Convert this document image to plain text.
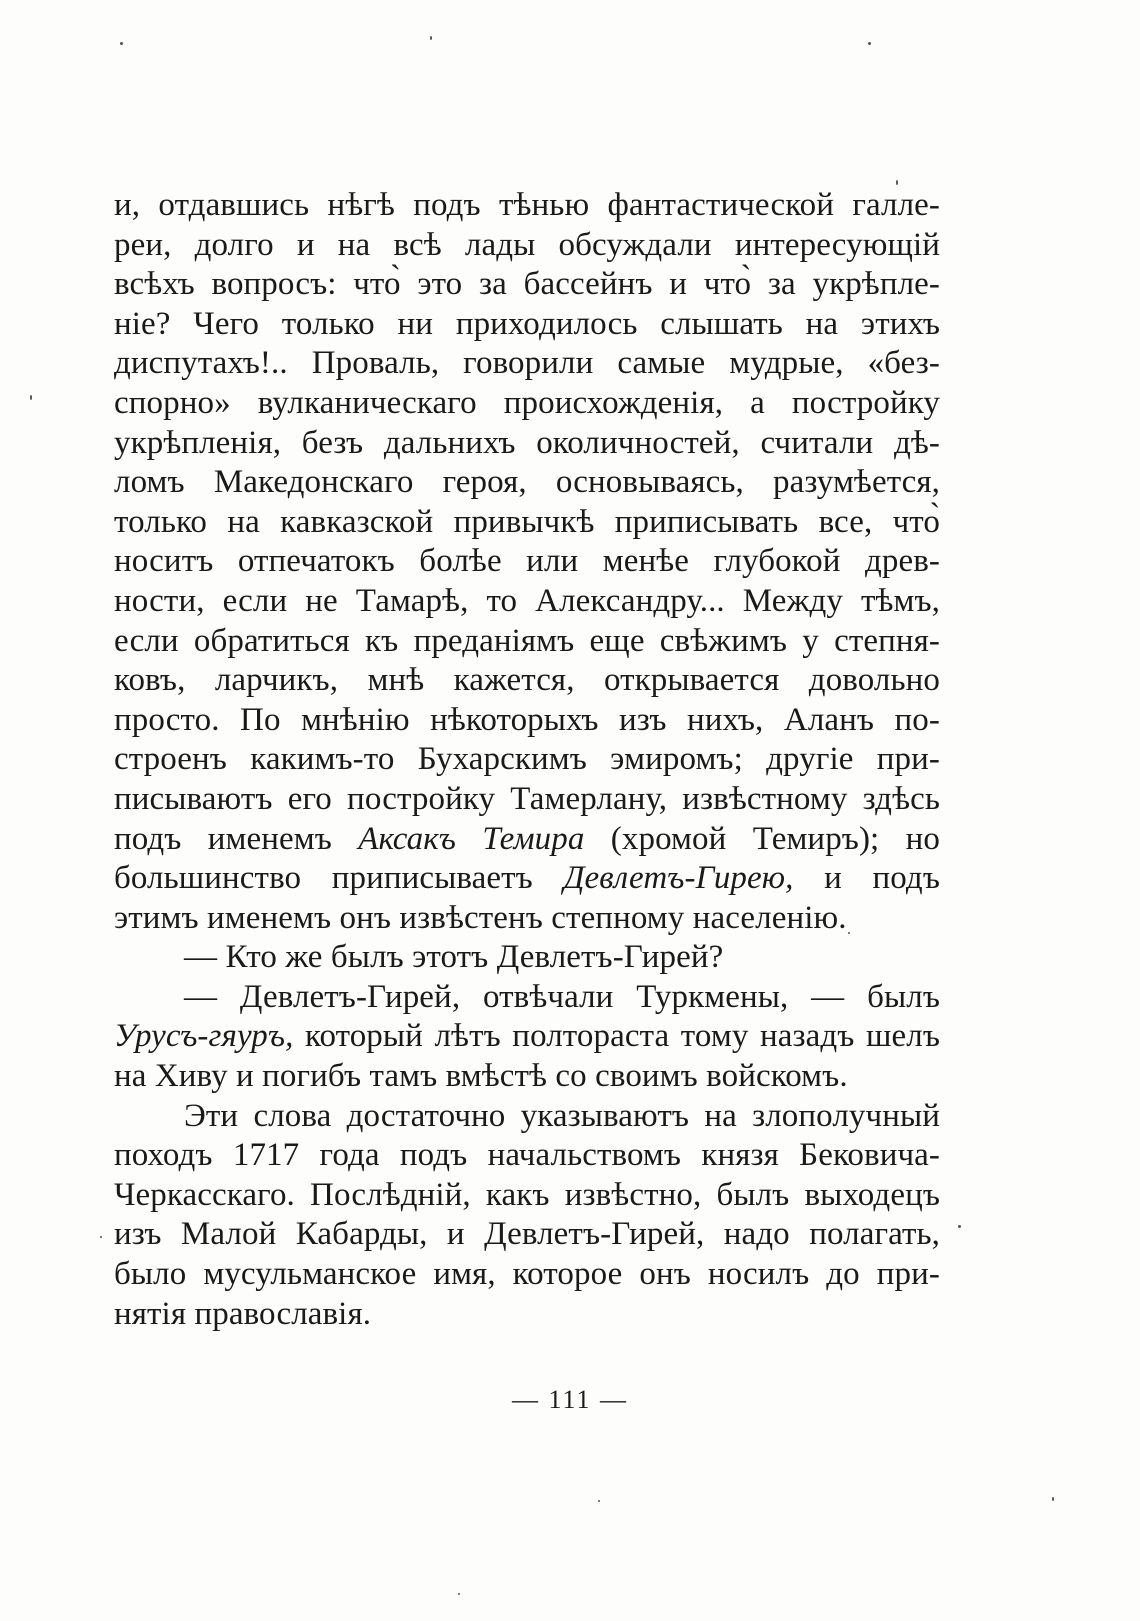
и, отдавшись нѣгѣ подъ тѣнью фантастической галле-
реи, долго и на всѣ лады обсуждали интересующій
всѣхъ вопросъ: что̀ это за бассейнъ и что̀ за укрѣпле-
ніе? Чего только ни приходилось слышать на этихъ
диспутахъ!.. Проваль, говорили самые мудрые, «без-
спорно» вулканическаго происхожденія, а постройку
укрѣпленія, безъ дальнихъ околичностей, считали дѣ-
ломъ Македонскаго героя, основываясь, разумѣется,
только на кавказской привычкѣ приписывать все, что̀
носитъ отпечатокъ болѣе или менѣе глубокой древ-
ности, если не Тамарѣ, то Александру... Между тѣмъ,
если обратиться къ преданіямъ еще свѣжимъ у степня-
ковъ, ларчикъ, мнѣ кажется, открывается довольно
просто. По мнѣнію нѣкоторыхъ изъ нихъ, Аланъ по-
строенъ какимъ-то Бухарскимъ эмиромъ; другіе при-
писываютъ его постройку Тамерлану, извѣстному здѣсь
подъ именемъ Аксакъ Темира (хромой Темиръ); но
большинство приписываетъ Девлетъ-Гирею, и подъ
этимъ именемъ онъ извѣстенъ степному населенію.
— Кто же былъ этотъ Девлетъ-Гирей?
— Девлетъ-Гирей, отвѣчали Туркмены, — былъ
Урусъ-гяуръ, который лѣтъ полтораста тому назадъ шелъ
на Хиву и погибъ тамъ вмѣстѣ со своимъ войскомъ.
Эти слова достаточно указываютъ на злополучный
походъ 1717 года подъ начальствомъ князя Бековича-
Черкасскаго. Послѣдній, какъ извѣстно, былъ выходецъ
изъ Малой Кабарды, и Девлетъ-Гирей, надо полагать,
было мусульманское имя, которое онъ носилъ до при-
нятія православія.
— 111 —
